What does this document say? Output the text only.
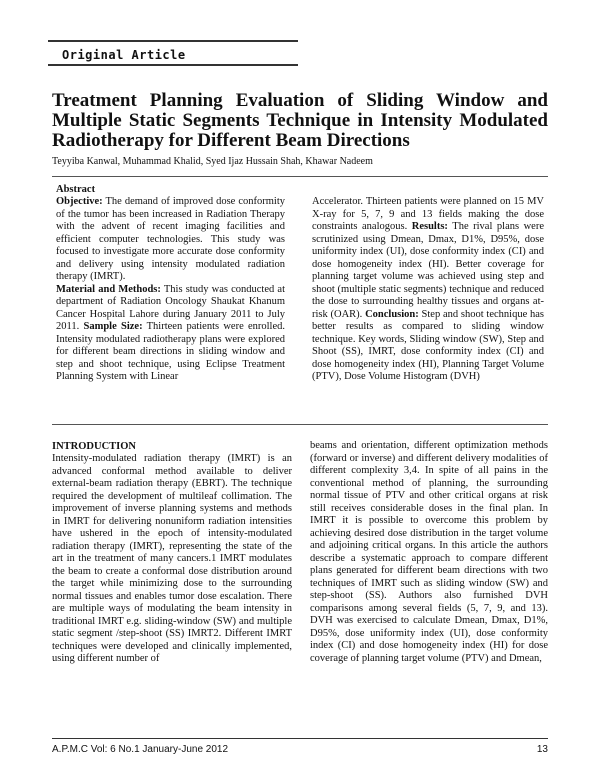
Original Article
Treatment Planning Evaluation of Sliding Window and Multiple Static Segments Technique in Intensity Modulated Radiotherapy for Different Beam Directions
Teyyiba Kanwal, Muhammad Khalid, Syed Ijaz Hussain Shah, Khawar Nadeem
Abstract

Objective: The demand of improved dose conformity of the tumor has been increased in Radiation Therapy with the advent of recent imaging facilities and efficient computer technologies. This study was focused to investigate more accurate dose conformity and delivery using intensity modulated radiation therapy (IMRT).

Material and Methods: This study was conducted at department of Radiation Oncology Shaukat Khanum Cancer Hospital Lahore during January 2011 to July 2011. Sample Size: Thirteen patients were enrolled. Intensity modulated radiotherapy plans were explored for different beam directions in sliding window and step and shoot technique, using Eclipse Treatment Planning System with Linear

Accelerator. Thirteen patients were planned on 15 MV X-ray for 5, 7, 9 and 13 fields making the dose constraints analogous. Results: The rival plans were scrutinized using Dmean, Dmax, D1%, D95%, dose uniformity index (UI), dose conformity index (CI) and dose homogeneity index (HI). Better coverage for planning target volume was achieved using step and shoot (multiple static segments) technique and reduced the dose to surrounding healthy tissues and organs at-risk (OAR). Conclusion: Step and shoot technique has better results as compared to sliding window technique. Key words, Sliding window (SW), Step and Shoot (SS), IMRT, dose conformity index (CI) and dose homogeneity index (HI), Planning Target Volume (PTV), Dose Volume Histogram (DVH)

INTRODUCTION

Intensity-modulated radiation therapy (IMRT) is an advanced conformal method available to deliver external-beam radiation therapy (EBRT). The technique required the development of multileaf collimation. The improvement of inverse planning systems and methods in IMRT for delivering nonuniform radiation intensities have ushered in the epoch of intensity-modulated radiation therapy (IMRT), representing the state of the art in the treatment of many cancers.1 IMRT modulates the beam to create a conformal dose distribution around the target while minimizing dose to the surrounding normal tissues and enables tumor dose escalation. There are multiple ways of modulating the beam intensity in traditional IMRT e.g. sliding-window (SW) and multiple static segment /step-shoot (SS) IMRT2. Different IMRT techniques were developed and clinically implemented, using different number of

beams and orientation, different optimization methods (forward or inverse) and different delivery modalities of different complexity 3,4. In spite of all pains in the conventional method of planning, the surrounding normal tissue of PTV and other critical organs at risk still receives considerable doses in the final plan. In IMRT it is possible to overcome this problem by achieving desired dose distribution in the target volume and adjoining critical organs. In this article the authors describe a systematic approach to compare different plans generated for different beam directions with two techniques of IMRT such as sliding window (SW) and step-shoot (SS). Authors also furnished DVH comparisons among several fields (5, 7, 9, and 13). DVH was exercised to calculate Dmean, Dmax, D1%, D95%, dose uniformity index (UI), dose conformity index (CI) and dose homogeneity index (HI) for dose coverage of planning target volume (PTV) and Dmean,

A.P.M.C Vol: 6 No.1 January-June 2012	13
